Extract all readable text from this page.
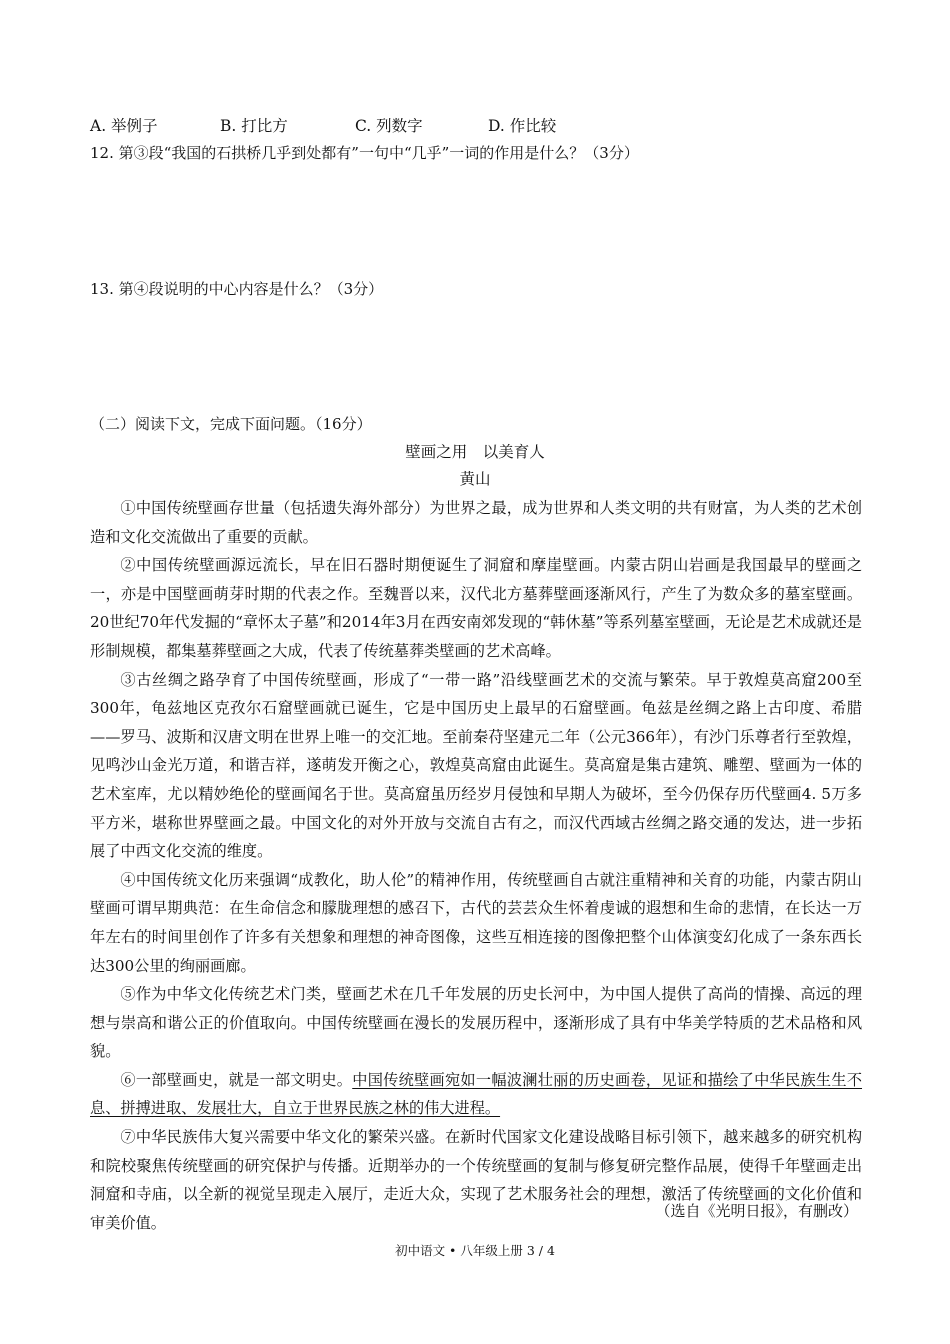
A. 举例子	B. 打比方	C. 列数字	D. 作比较
12. 第③段“我国的石拱桥几乎到处都有”一句中“几乎”一词的作用是什么？（3分）
13. 第④段说明的中心内容是什么？（3分）
（二）阅读下文，完成下面问题。（16分）
壁画之用　以美育人
黄山

①中国传统壁画存世量（包括遗失海外部分）为世界之最，成为世界和人类文明的共有财富，为人类的艺术创造和文化交流做出了重要的贡献。

②中国传统壁画源远流长，早在旧石器时期便诞生了洞窟和摩崖壁画。内蒙古阴山岩画是我国最早的壁画之一，亦是中国壁画萌芽时期的代表之作。至魏晋以来，汉代北方墓葬壁画逐渐风行，产生了为数众多的墓室壁画。20世纪70年代发掘的“章怀太子墓”和2014年3月在西安南郊发现的“韩休墓”等系列墓室壁画，无论是艺术成就还是形制规模，都集墓葬壁画之大成，代表了传统墓葬类壁画的艺术高峰。

③古丝绸之路孕育了中国传统壁画，形成了“一带一路”沿线壁画艺术的交流与繁荣。早于敦煌莫高窟200至300年，龟兹地区克孜尔石窟壁画就已诞生，它是中国历史上最早的石窟壁画。龟兹是丝绸之路上古印度、希腊——罗马、波斯和汉唐文明在世界上唯一的交汇地。至前秦苻坚建元二年（公元366年），有沙门乐尊者行至敦煌，见鸣沙山金光万道，和谐吉祥，遂萌发开衡之心，敦煌莫高窟由此诞生。莫高窟是集古建筑、雕塑、壁画为一体的艺术室库，尤以精妙绝伦的壁画闻名于世。莫高窟虽历经岁月侵蚀和早期人为破坏，至今仍保存历代壁画4. 5万多平方米，堪称世界壁画之最。中国文化的对外开放与交流自古有之，而汉代西域古丝绸之路交通的发达，进一步拓展了中西文化交流的维度。

④中国传统文化历来强调“成教化，助人伦”的精神作用，传统壁画自古就注重精神和关育的功能，内蒙古阴山壁画可谓早期典范：在生命信念和朦胧理想的感召下，古代的芸芸众生怀着虔诚的遐想和生命的悲情，在长达一万年左右的时间里创作了许多有关想象和理想的神奇图像，这些互相连接的图像把整个山体演变幻化成了一条东西长达300公里的绚丽画廊。

⑤作为中华文化传统艺术门类，壁画艺术在几千年发展的历史长河中，为中国人提供了高尚的情操、高远的理想与崇高和谐公正的价值取向。中国传统壁画在漫长的发展历程中，逐渐形成了具有中华美学特质的艺术品格和风貌。

⑥一部壁画史，就是一部文明史。中国传统壁画宛如一幅波澜壮丽的历史画卷，见证和描绘了中华民族生生不息、拼搏进取、发展壮大，自立于世界民族之林的伟大进程。

⑦中华民族伟大复兴需要中华文化的繁荣兴盛。在新时代国家文化建设战略目标引领下，越来越多的研究机构和院校聚焦传统壁画的研究保护与传播。近期举办的一个传统壁画的复制与修复研完整作品展，使得千年壁画走出洞窟和寺庙，以全新的视觉呈现走入展厅，走近大众，实现了艺术服务社会的理想，激活了传统壁画的文化价值和审美价值。

（选自《光明日报》，有删改）
初中语文 • 八年级上册 3 / 4
